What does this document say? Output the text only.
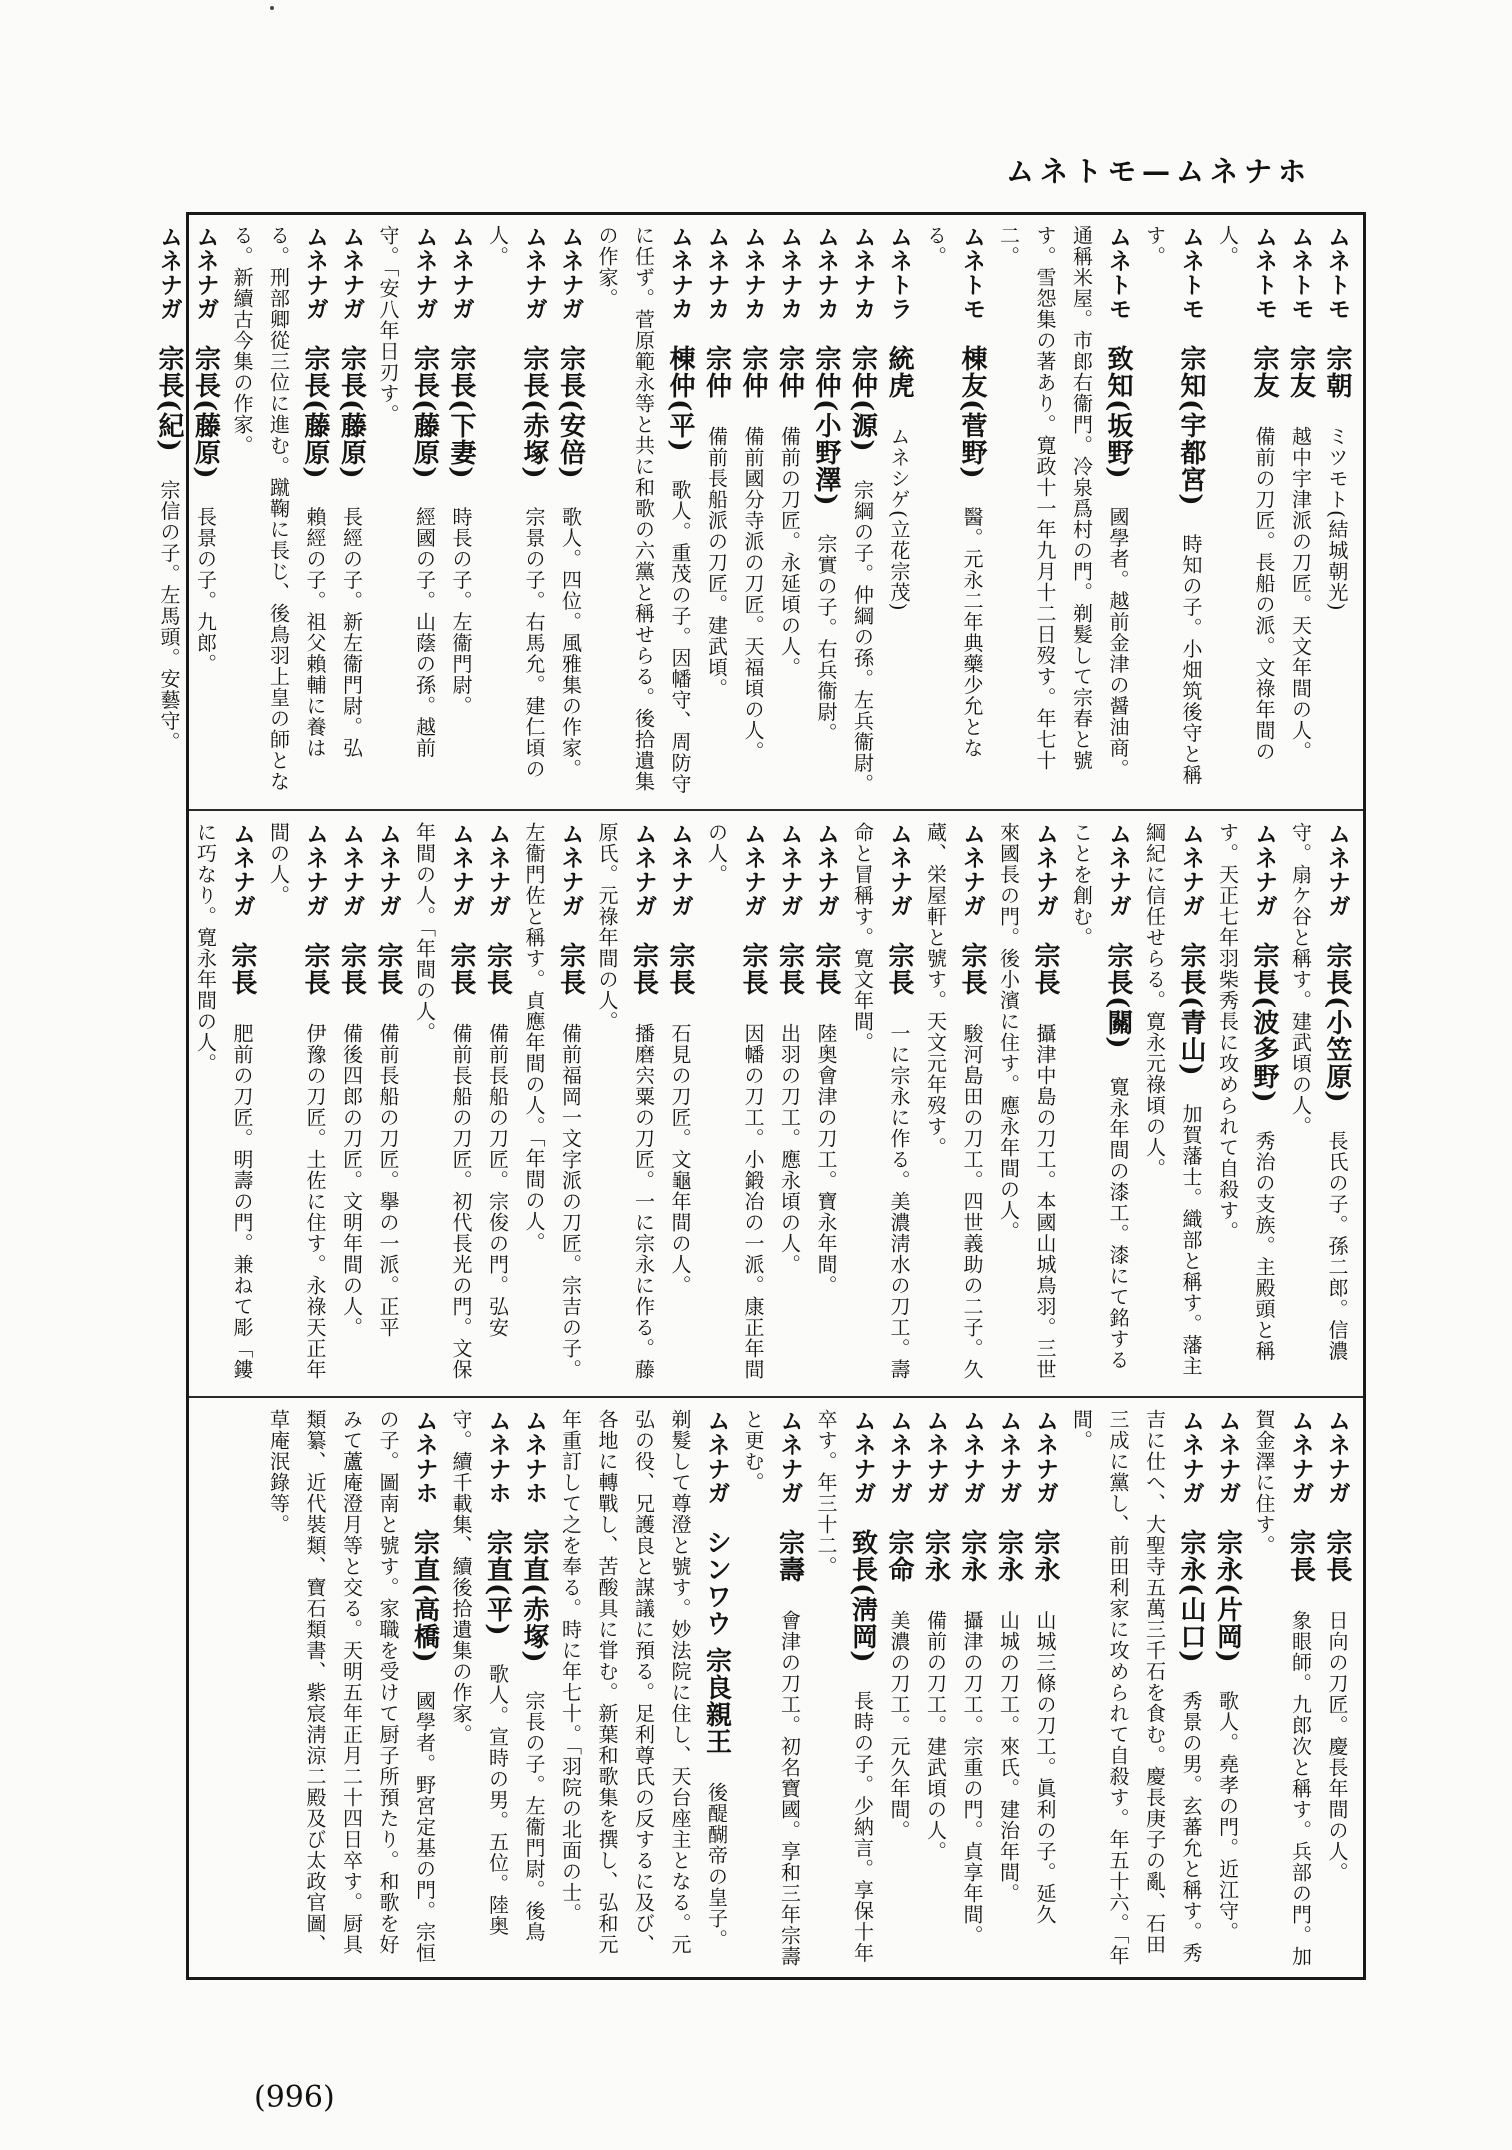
ムネトモ—ムネナホ
ムネトモ　宗朝　ミツモト(結城朝光)
ムネトモ　宗友　越中宇津派の刀匠。天文年間の人。
ムネトモ　宗友　備前の刀匠。長船の派。文祿年間の人。
ムネトモ　宗知(宇都宮)　時知の子。小畑筑後守と稱す。
ムネトモ　致知(坂野)　國學者。越前金津の醤油商。通稱米屋。市郎右衞門。冷泉爲村の門。剃髮して宗春と號す。雪怨集の著あり。寛政十一年九月十二日歿す。年七十二。
ムネトモ　棟友(菅野)　醫。元永二年典藥少允となる。
ムネトラ　統虎　ムネシゲ(立花宗茂)
ムネナカ　宗仲(源)　宗綱の子。仲綱の孫。左兵衞尉。
ムネナカ　宗仲(小野澤)　宗實の子。右兵衞尉。
ムネナカ　宗仲　備前の刀匠。永延頃の人。
ムネナカ　宗仲　備前國分寺派の刀匠。天福頃の人。
ムネナカ　宗仲　備前長船派の刀匠。建武頃。
ムネナカ　棟仲(平)　歌人。重茂の子。因幡守、周防守に任ず。菅原範永等と共に和歌の六黨と稱せらる。後拾遺集の作家。
ムネナガ　宗長(安倍)　歌人。四位。風雅集の作家。
ムネナガ　宗長(赤塚)　宗景の子。右馬允。建仁頃の人。
ムネナガ　宗長(下妻)　時長の子。左衞門尉。
ムネナガ　宗長(藤原)　經國の子。山蔭の孫。越前守。「安八年日刃す。
ムネナガ　宗長(藤原)　長經の子。新左衞門尉。弘
ムネナガ　宗長(藤原)　賴經の子。祖父賴輔に養はる。刑部卿從三位に進む。蹴鞠に長じ、後鳥羽上皇の師となる。新續古今集の作家。
ムネナガ　宗長(藤原)　長景の子。九郎。
ムネナガ　宗長(紀)　宗信の子。左馬頭。安藝守。
ムネナガ　宗長(小笠原)　長氏の子。孫二郎。信濃守。扇ケ谷と稱す。建武頃の人。
ムネナガ　宗長(波多野)　秀治の支族。主殿頭と稱す。天正七年羽柴秀長に攻められて自殺す。
ムネナガ　宗長(青山)　加賀藩士。織部と稱す。藩主綱紀に信任せらる。寛永元祿頃の人。
ムネナガ　宗長(關)　寛永年間の漆工。漆にて銘することを創む。
ムネナガ　宗長　攝津中島の刀工。本國山城鳥羽。三世來國長の門。後小濱に住す。應永年間の人。
ムネナガ　宗長　駿河島田の刀工。四世義助の二子。久蔵、栄屋軒と號す。天文元年歿す。
ムネナガ　宗長　一に宗永に作る。美濃淸水の刀工。壽命と冒稱す。寛文年間。
ムネナガ　宗長　陸奥會津の刀工。寶永年間。
ムネナガ　宗長　出羽の刀工。應永頃の人。
ムネナガ　宗長　因幡の刀工。小鍛冶の一派。康正年間の人。
ムネナガ　宗長　石見の刀匠。文龜年間の人。
ムネナガ　宗長　播磨宍粟の刀匠。一に宗永に作る。藤原氏。元祿年間の人。
ムネナガ　宗長　備前福岡一文字派の刀匠。宗吉の子。左衞門佐と稱す。貞應年間の人。「年間の人。
ムネナガ　宗長　備前長船の刀匠。宗俊の門。弘安
ムネナガ　宗長　備前長船の刀匠。初代長光の門。文保年間の人。「年間の人。
ムネナガ　宗長　備前長船の刀匠。擧の一派。正平
ムネナガ　宗長　備後四郎の刀匠。文明年間の人。
ムネナガ　宗長　伊豫の刀匠。土佐に住す。永祿天正年間の人。
ムネナガ　宗長　肥前の刀匠。明壽の門。兼ねて彫「鏤に巧なり。寛永年間の人。
ムネナガ　宗長　日向の刀匠。慶長年間の人。
ムネナガ　宗長　象眼師。九郎次と稱す。兵部の門。加賀金澤に住す。
ムネナガ　宗永(片岡)　歌人。堯孝の門。近江守。
ムネナガ　宗永(山口)　秀景の男。玄蕃允と稱す。秀吉に仕へ、大聖寺五萬三千石を食む。慶長庚子の亂、石田三成に黨し、前田利家に攻められて自殺す。年五十六。「年間。
ムネナガ　宗永　山城三條の刀工。眞利の子。延久
ムネナガ　宗永　山城の刀工。來氏。建治年間。
ムネナガ　宗永　攝津の刀工。宗重の門。貞享年間。
ムネナガ　宗永　備前の刀工。建武頃の人。
ムネナガ　宗命　美濃の刀工。元久年間。
ムネナガ　致長(淸岡)　長時の子。少納言。享保十年卒す。年三十二。
ムネナガ　宗壽　會津の刀工。初名寶國。享和三年宗壽と更む。
ムネナガ　シンワウ 宗良親王　後醍醐帝の皇子。剃髮して尊澄と號す。妙法院に住し、天台座主となる。元弘の役、兄護良と謀議に預る。足利尊氏の反するに及び、各地に轉戰し、苦酸具に甞む。新葉和歌集を撰し、弘和元年重訂して之を奉る。時に年七十。「羽院の北面の士。
ムネナホ　宗直(赤塚)　宗長の子。左衞門尉。後鳥
ムネナホ　宗直(平)　歌人。宣時の男。五位。陸奥守。續千載集、續後拾遺集の作家。
ムネナホ　宗直(高橋)　國學者。野宮定基の門。宗恒の子。圖南と號す。家職を受けて厨子所預たり。和歌を好みて蘆庵澄月等と交る。天明五年正月二十四日卒す。厨具類纂、近代裝類、寶石類書、紫宸淸涼二殿及び太政官圖、草庵泯錄等。
(996)
